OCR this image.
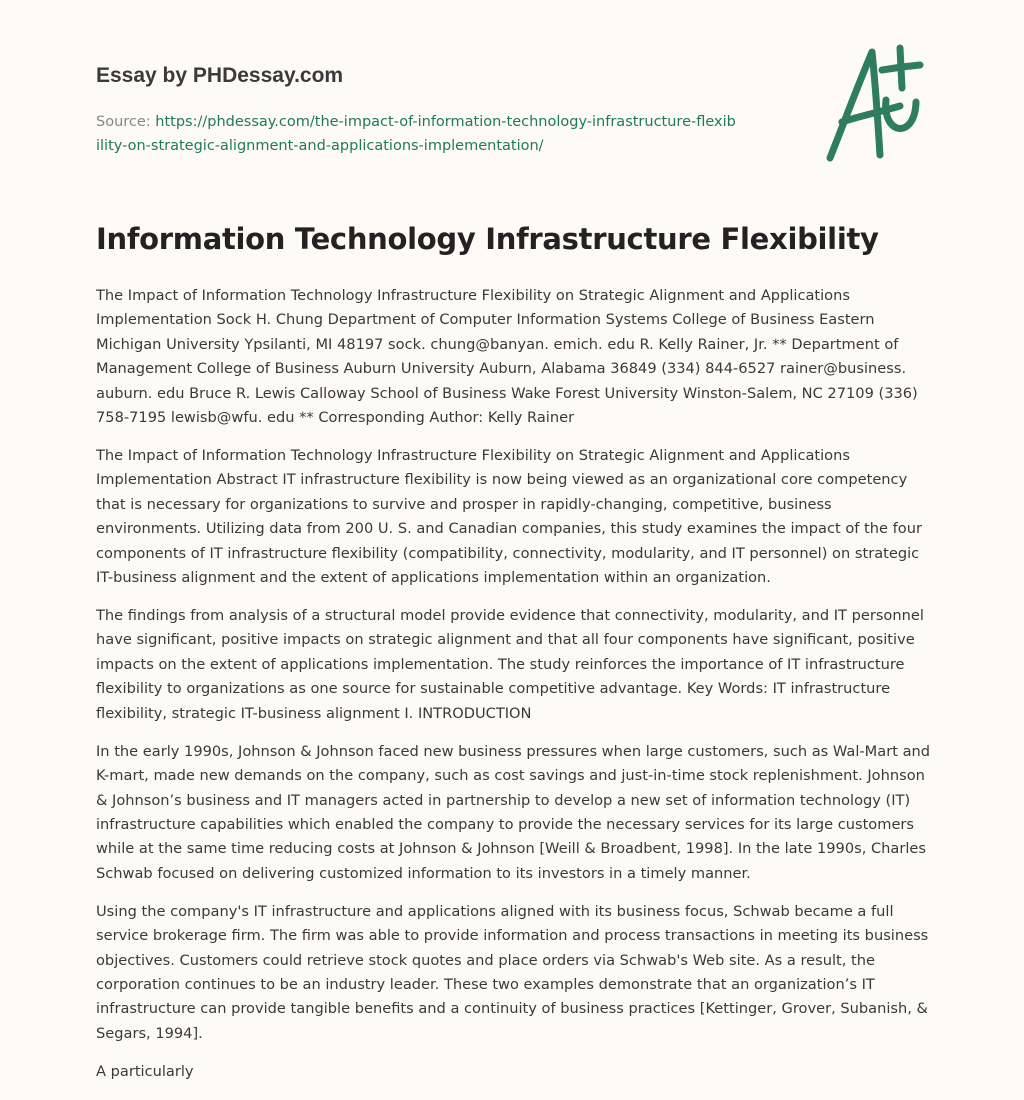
Essay by PHDessay.com
Source: https://phdessay.com/the-impact-of-information-technology-infrastructure-flexibility-on-strategic-alignment-and-applications-implementation/
Information Technology Infrastructure Flexibility

The Impact of Information Technology Infrastructure Flexibility on Strategic Alignment and Applications Implementation Sock H. Chung Department of Computer Information Systems College of Business Eastern Michigan University Ypsilanti, MI 48197 sock. chung@banyan. emich. edu R. Kelly Rainer, Jr. ** Department of Management College of Business Auburn University Auburn, Alabama 36849 (334) 844-6527 rainer@business. auburn. edu Bruce R. Lewis Calloway School of Business Wake Forest University Winston-Salem, NC 27109 (336) 758-7195 lewisb@wfu. edu ** Corresponding Author: Kelly Rainer

The Impact of Information Technology Infrastructure Flexibility on Strategic Alignment and Applications Implementation Abstract IT infrastructure flexibility is now being viewed as an organizational core competency that is necessary for organizations to survive and prosper in rapidly-changing, competitive, business environments. Utilizing data from 200 U. S. and Canadian companies, this study examines the impact of the four components of IT infrastructure flexibility (compatibility, connectivity, modularity, and IT personnel) on strategic IT-business alignment and the extent of applications implementation within an organization.

The findings from analysis of a structural model provide evidence that connectivity, modularity, and IT personnel have significant, positive impacts on strategic alignment and that all four components have significant, positive impacts on the extent of applications implementation. The study reinforces the importance of IT infrastructure flexibility to organizations as one source for sustainable competitive advantage. Key Words: IT infrastructure flexibility, strategic IT-business alignment I. INTRODUCTION

In the early 1990s, Johnson & Johnson faced new business pressures when large customers, such as Wal-Mart and K-mart, made new demands on the company, such as cost savings and just-in-time stock replenishment. Johnson & Johnson’s business and IT managers acted in partnership to develop a new set of information technology (IT) infrastructure capabilities which enabled the company to provide the necessary services for its large customers while at the same time reducing costs at Johnson & Johnson [Weill & Broadbent, 1998]. In the late 1990s, Charles Schwab focused on delivering customized information to its investors in a timely manner.

Using the company's IT infrastructure and applications aligned with its business focus, Schwab became a full service brokerage firm. The firm was able to provide information and process transactions in meeting its business objectives. Customers could retrieve stock quotes and place orders via Schwab's Web site. As a result, the corporation continues to be an industry leader. These two examples demonstrate that an organization’s IT infrastructure can provide tangible benefits and a continuity of business practices [Kettinger, Grover, Subanish, & Segars, 1994].

A particularly
